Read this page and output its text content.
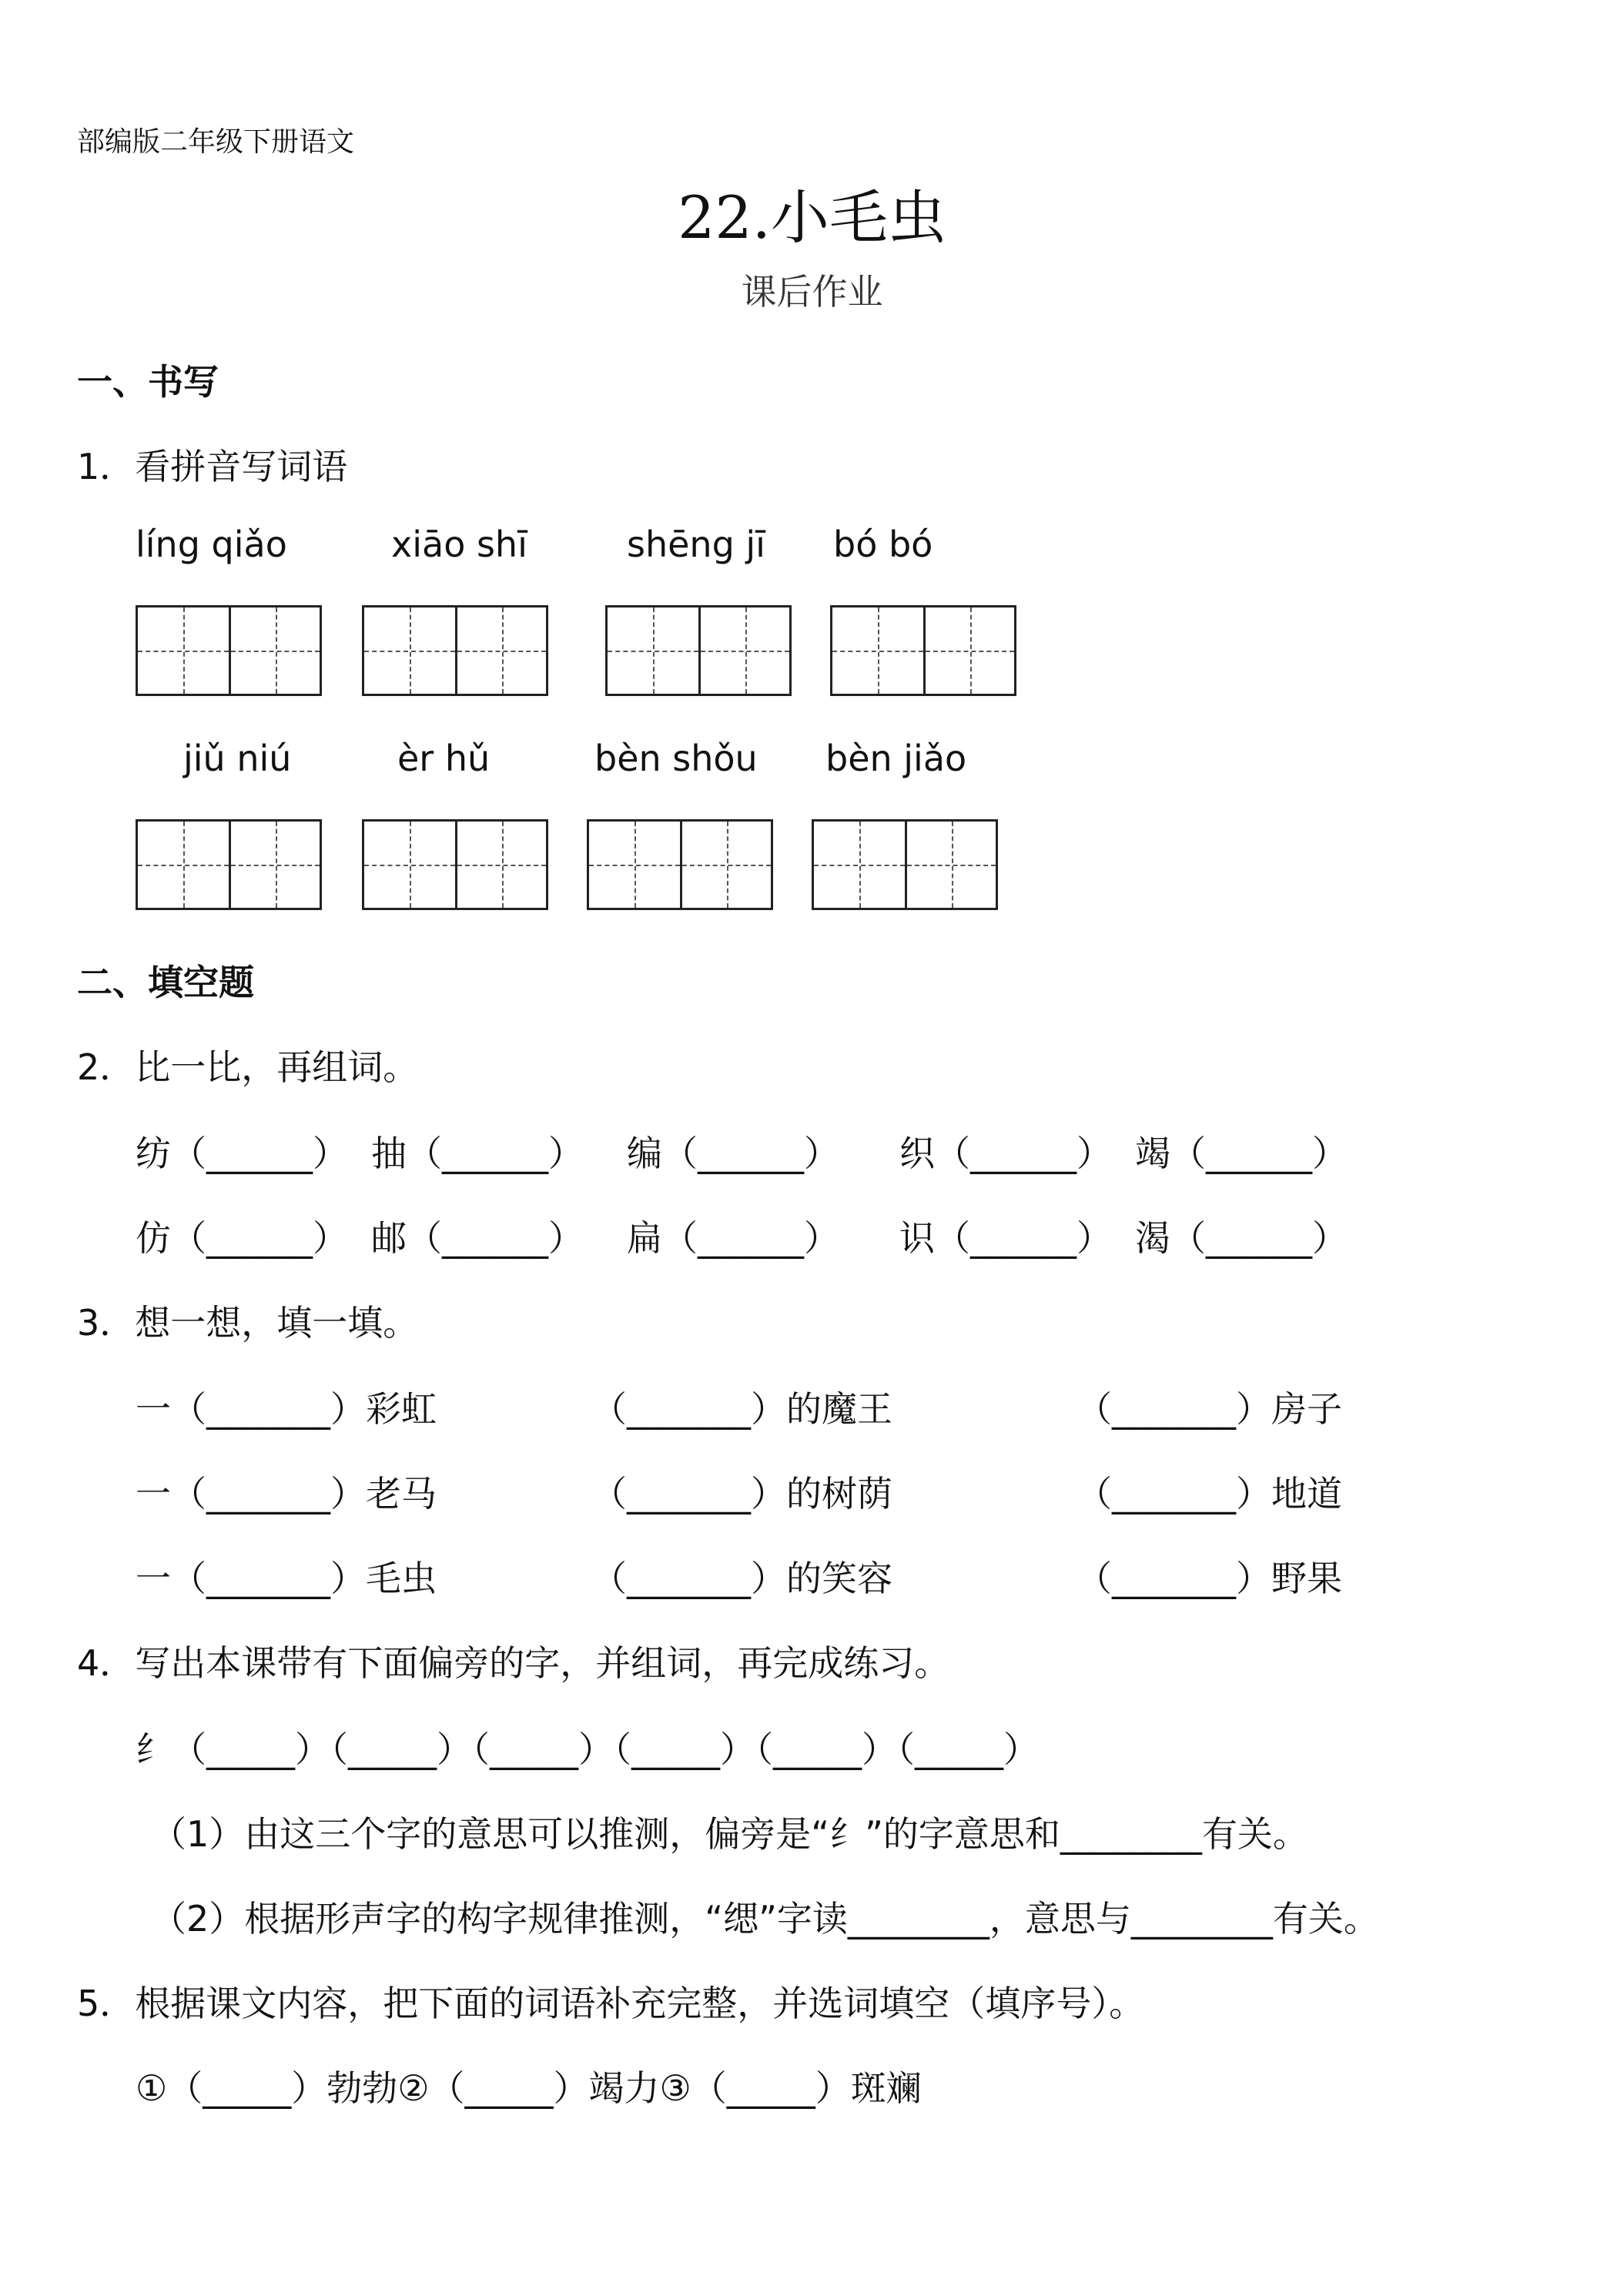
部编版二年级下册语文
22.小毛虫
课后作业
一、书写
1．看拼音写词语
líng qiǎo	xiāo shī	shēng jī bó bó
jiǔ niú	èr hǔ	bèn shǒu bèn jiǎo
二、填空题
2．比一比，再组词。
纺（______） 抽（______） 编（______） 织（______） 竭（______）
仿（______） 邮（______） 扁（______） 识（______） 渴（______）
3．想一想，填一填。
一（_______）彩虹	（_______）的魔王	（_______）房子
一（_______）老马	（_______）的树荫	（_______）地道
一（_______）毛虫	（_______）的笑容	（_______）野果
4．写出本课带有下面偏旁的字，并组词，再完成练习。
纟（_____）（_____）（_____）（_____）（_____）（_____）
（1）由这三个字的意思可以推测，偏旁是“纟”的字意思和________有关。
（2）根据形声字的构字规律推测，“缌”字读________，意思与________有关。
5．根据课文内容，把下面的词语补充完整，并选词填空（填序号）。
①（_____）勃勃②（_____）竭力③（_____）斑斓
